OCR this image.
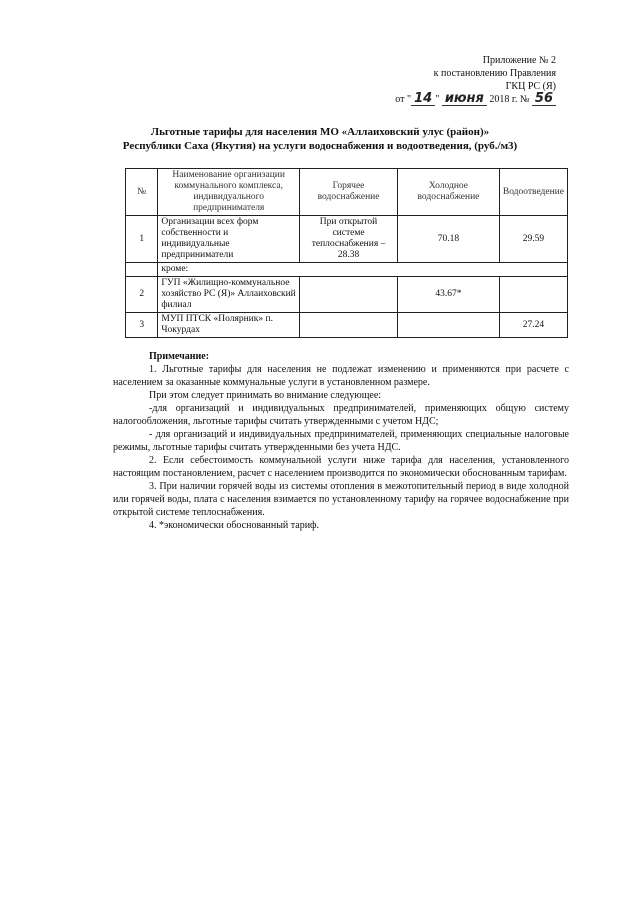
Приложение № 2
к постановлению Правления
ГКЦ РС (Я)
от " 14 " июня 2018 г. № 56
Льготные тарифы для населения МО «Аллаиховский улус (район)»
Республики Саха (Якутия) на услуги водоснабжения и водоотведения, (руб./м3)
№	Наименование организации коммунального комплекса, индивидуального предпринимателя	Горячее водоснабжение	Холодное водоснабжение	Водоотведение
1	Организации всех форм собственности и индивидуальные предприниматели	При открытой системе теплоснабжения – 28.38	70.18	29.59
	кроме:			
2	ГУП «Жилищно-коммунальное хозяйство РС (Я)» Аллаиховский филиал		43.67*	
3	МУП ПТСК «Полярник» п. Чокурдах			27.24

Примечание:

1. Льготные тарифы для населения не подлежат изменению и применяются при расчете с населением за оказанные коммунальные услуги в установленном размере.

При этом следует принимать во внимание следующее:

-для организаций и индивидуальных предпринимателей, применяющих общую систему налогообложения, льготные тарифы считать утвержденными с учетом НДС;

- для организаций и индивидуальных предпринимателей, применяющих специальные налоговые режимы, льготные тарифы считать утвержденными без учета НДС.

2. Если себестоимость коммунальной услуги ниже тарифа для населения, установленного настоящим постановлением, расчет с населением производится по экономически обоснованным тарифам.

3. При наличии горячей воды из системы отопления в межотопительный период в виде холодной или горячей воды, плата с населения взимается по установленному тарифу на горячее водоснабжение при открытой системе теплоснабжения.

4. *экономически обоснованный тариф.
